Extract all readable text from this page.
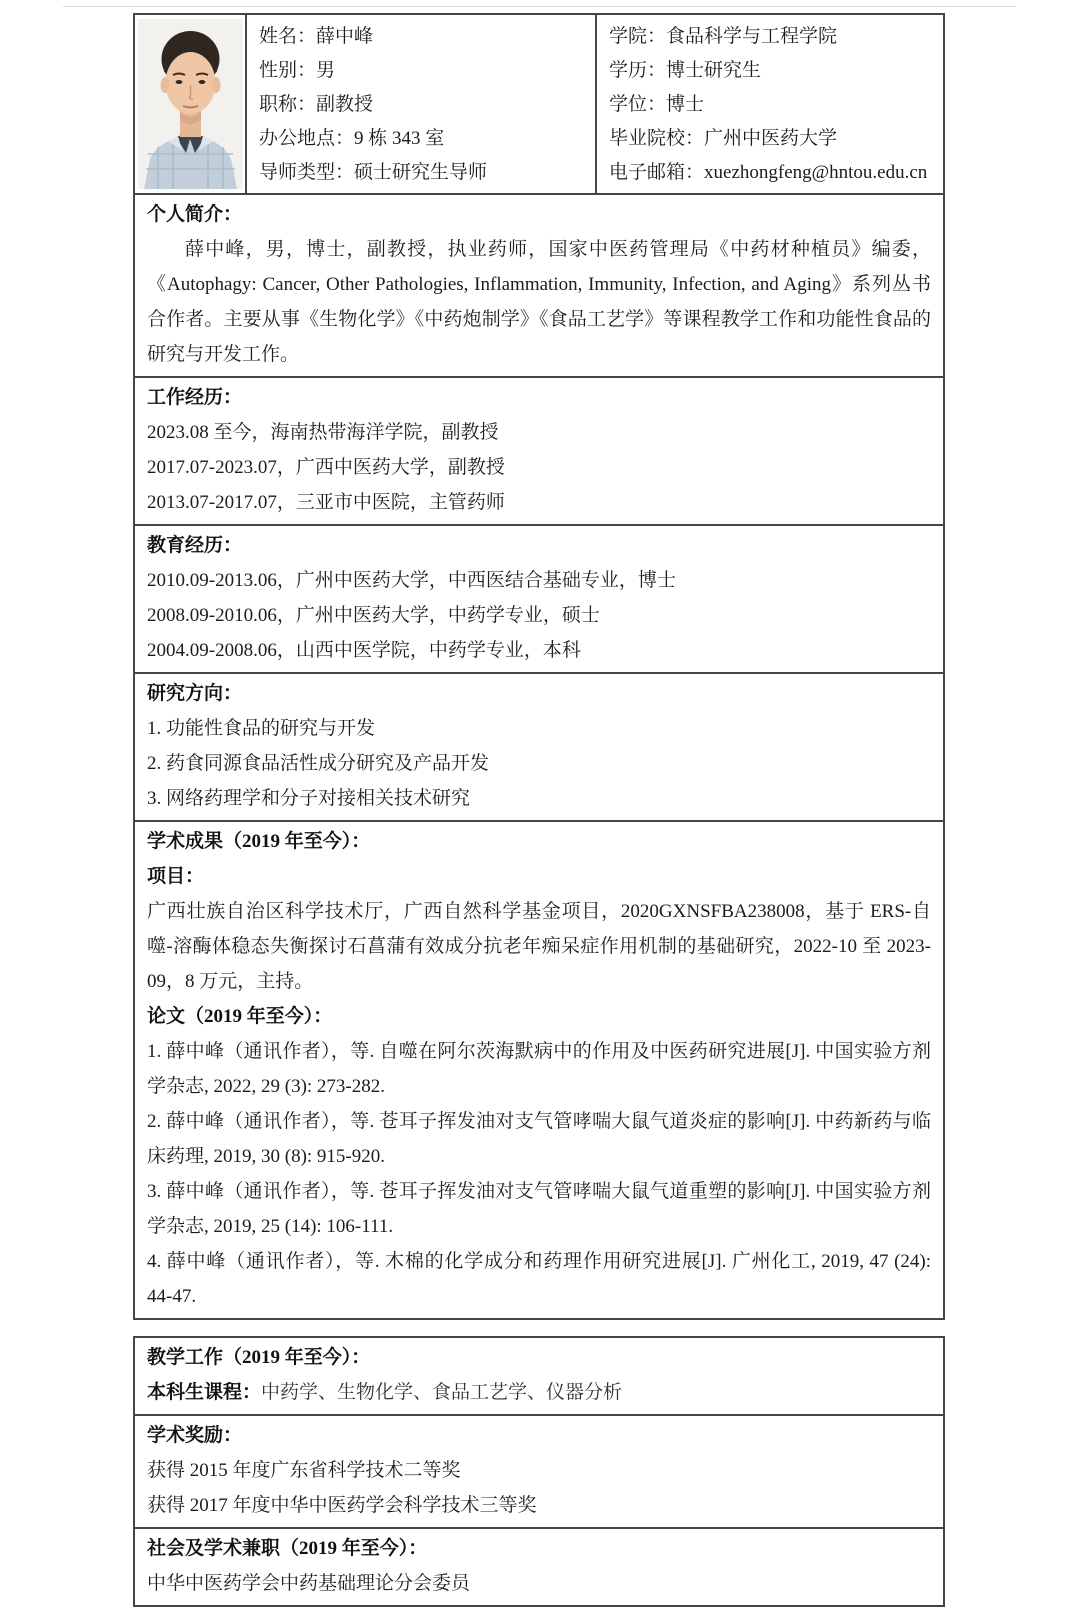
姓名：薛中峰
性别：男
职称：副教授
办公地点：9 栋 343 室
导师类型：硕士研究生导师
学院：食品科学与工程学院
学历：博士研究生
学位：博士
毕业院校：广州中医药大学
电子邮箱：xuezhongfeng@hntou.edu.cn

个人简介：

薛中峰，男，博士，副教授，执业药师，国家中医药管理局《中药材种植员》编委，《Autophagy: Cancer, Other Pathologies, Inflammation, Immunity, Infection, and Aging》系列丛书合作者。主要从事《生物化学》《中药炮制学》《食品工艺学》等课程教学工作和功能性食品的研究与开发工作。

工作经历：

2023.08 至今，海南热带海洋学院，副教授

2017.07-2023.07，广西中医药大学，副教授

2013.07-2017.07，三亚市中医院，主管药师

教育经历：

2010.09-2013.06，广州中医药大学，中西医结合基础专业，博士

2008.09-2010.06，广州中医药大学，中药学专业，硕士

2004.09-2008.06，山西中医学院，中药学专业，本科

研究方向：

1. 功能性食品的研究与开发

2. 药食同源食品活性成分研究及产品开发

3. 网络药理学和分子对接相关技术研究

学术成果（2019 年至今）：

项目：

广西壮族自治区科学技术厅，广西自然科学基金项目，2020GXNSFBA238008，基于 ERS-自噬-溶酶体稳态失衡探讨石菖蒲有效成分抗老年痴呆症作用机制的基础研究，2022-10 至 2023-09，8 万元，主持。

论文（2019 年至今）：

1. 薛中峰（通讯作者），等. 自噬在阿尔茨海默病中的作用及中医药研究进展[J]. 中国实验方剂学杂志, 2022, 29 (3): 273-282.

2. 薛中峰（通讯作者），等. 苍耳子挥发油对支气管哮喘大鼠气道炎症的影响[J]. 中药新药与临床药理, 2019, 30 (8): 915-920.

3. 薛中峰（通讯作者），等. 苍耳子挥发油对支气管哮喘大鼠气道重塑的影响[J]. 中国实验方剂学杂志, 2019, 25 (14): 106-111.

4. 薛中峰（通讯作者），等. 木棉的化学成分和药理作用研究进展[J]. 广州化工, 2019, 47 (24): 44-47.

教学工作（2019 年至今）：

本科生课程：中药学、生物化学、食品工艺学、仪器分析

学术奖励：

获得 2015 年度广东省科学技术二等奖

获得 2017 年度中华中医药学会科学技术三等奖

社会及学术兼职（2019 年至今）：

中华中医药学会中药基础理论分会委员
